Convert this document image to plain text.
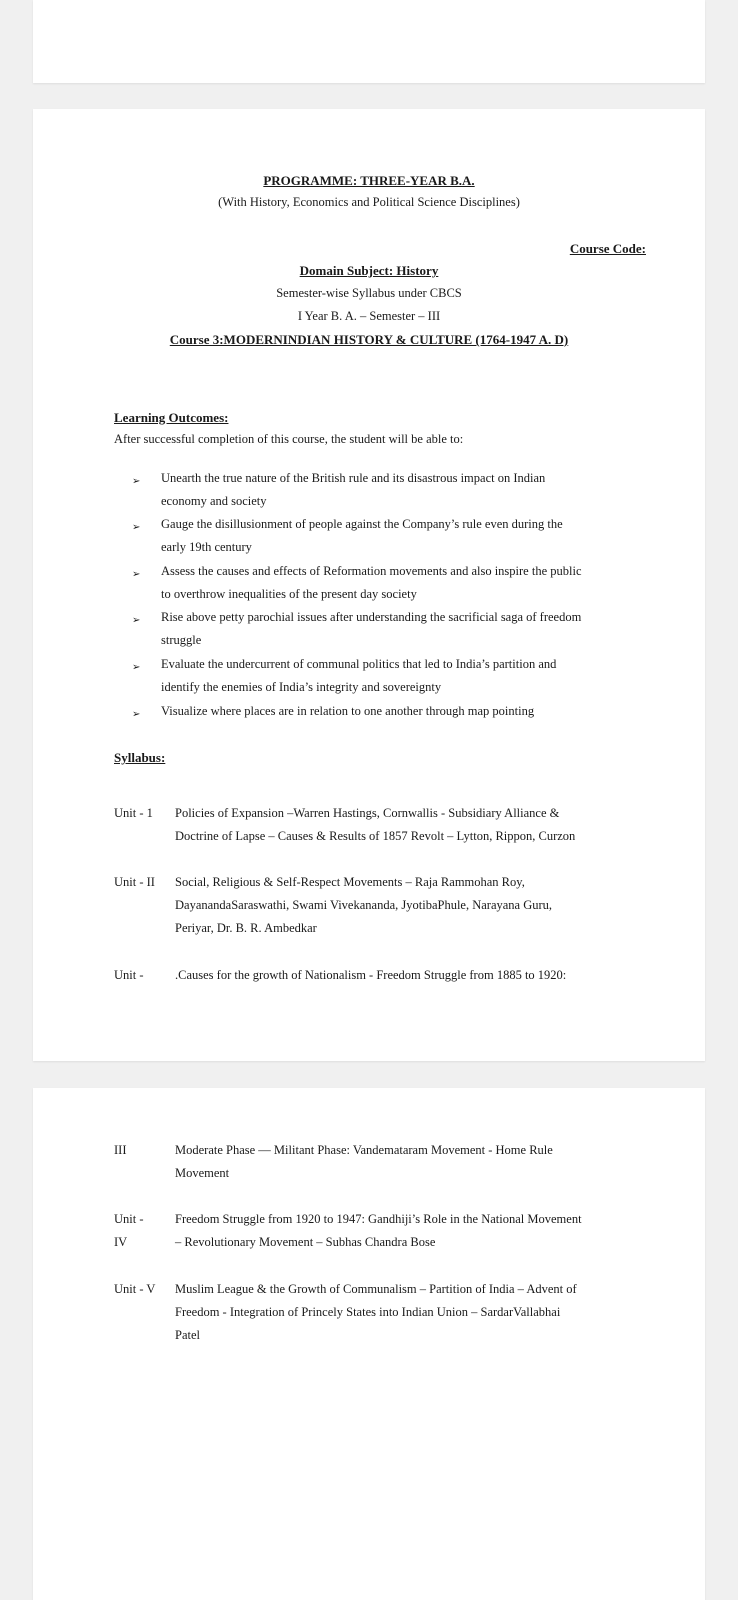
PROGRAMME: THREE-YEAR B.A.
(With History, Economics and Political Science Disciplines)
Course Code:
Domain Subject: History
Semester-wise Syllabus under CBCS
I Year B. A. – Semester – III
Course 3:MODERNINDIAN HISTORY & CULTURE (1764-1947 A. D)
Learning Outcomes:
After successful completion of this course, the student will be able to:
➢ Unearth the true nature of the British rule and its disastrous impact on Indian
economy and society
➢ Gauge the disillusionment of people against the Company’s rule even during the
early 19th century
➢ Assess the causes and effects of Reformation movements and also inspire the public
to overthrow inequalities of the present day society
➢ Rise above petty parochial issues after understanding the sacrificial saga of freedom
struggle
➢ Evaluate the undercurrent of communal politics that led to India’s partition and
identify the enemies of India’s integrity and sovereignty
➢ Visualize where places are in relation to one another through map pointing
Syllabus:
Unit - 1 Policies of Expansion –Warren Hastings, Cornwallis - Subsidiary Alliance &
Doctrine of Lapse – Causes & Results of 1857 Revolt – Lytton, Rippon, Curzon
Unit - II Social, Religious & Self-Respect Movements – Raja Rammohan Roy,
DayanandaSaraswathi, Swami Vivekananda, JyotibaPhule, Narayana Guru,
Periyar, Dr. B. R. Ambedkar
Unit -	.Causes for the growth of Nationalism - Freedom Struggle from 1885 to 1920:
III	Moderate Phase — Militant Phase: Vandemataram Movement - Home Rule
Movement
Unit -
IV
Freedom Struggle from 1920 to 1947: Gandhiji’s Role in the National Movement
– Revolutionary Movement – Subhas Chandra Bose
Unit - V Muslim League & the Growth of Communalism – Partition of India – Advent of
Freedom - Integration of Princely States into Indian Union – SardarVallabhai
Patel
